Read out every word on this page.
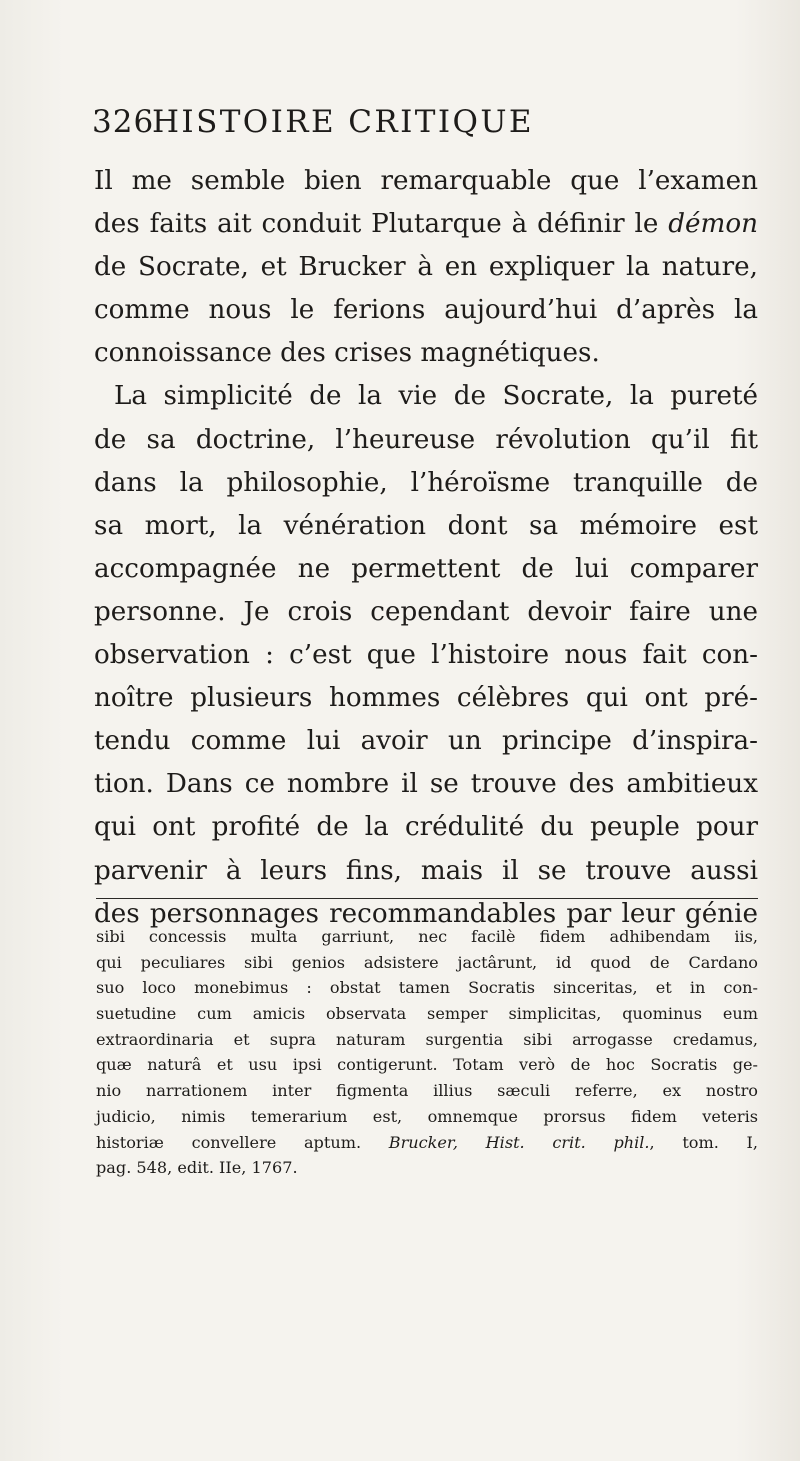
326
HISTOIRE CRITIQUE
Il me semble bien remarquable que l’examen
des faits ait conduit Plutarque à définir le démon
de Socrate, et Brucker à en expliquer la nature,
comme nous le ferions aujourd’hui d’après la
connoissance des crises magnétiques.
La simplicité de la vie de Socrate, la pureté
de sa doctrine, l’heureuse révolution qu’il fit
dans la philosophie, l’héroïsme tranquille de
sa mort, la vénération dont sa mémoire est
accompagnée ne permettent de lui comparer
personne. Je crois cependant devoir faire une
observation : c’est que l’histoire nous fait con-
noître plusieurs hommes célèbres qui ont pré-
tendu comme lui avoir un principe d’inspira-
tion. Dans ce nombre il se trouve des ambitieux
qui ont profité de la crédulité du peuple pour
parvenir à leurs fins, mais il se trouve aussi
des personnages recommandables par leur génie
sibi concessis multa garriunt, nec facilè fidem adhibendam iis,
qui peculiares sibi genios adsistere jactârunt, id quod de Cardano
suo loco monebimus : obstat tamen Socratis sinceritas, et in con-
suetudine cum amicis observata semper simplicitas, quominus eum
extraordinaria et supra naturam surgentia sibi arrogasse credamus,
quæ naturâ et usu ipsi contigerunt. Totam verò de hoc Socratis ge-
nio narrationem inter figmenta illius sæculi referre, ex nostro
judicio, nimis temerarium est, omnemque prorsus fidem veteris
historiæ convellere aptum. Brucker, Hist. crit. phil., tom. I,
pag. 548, edit. IIe, 1767.
